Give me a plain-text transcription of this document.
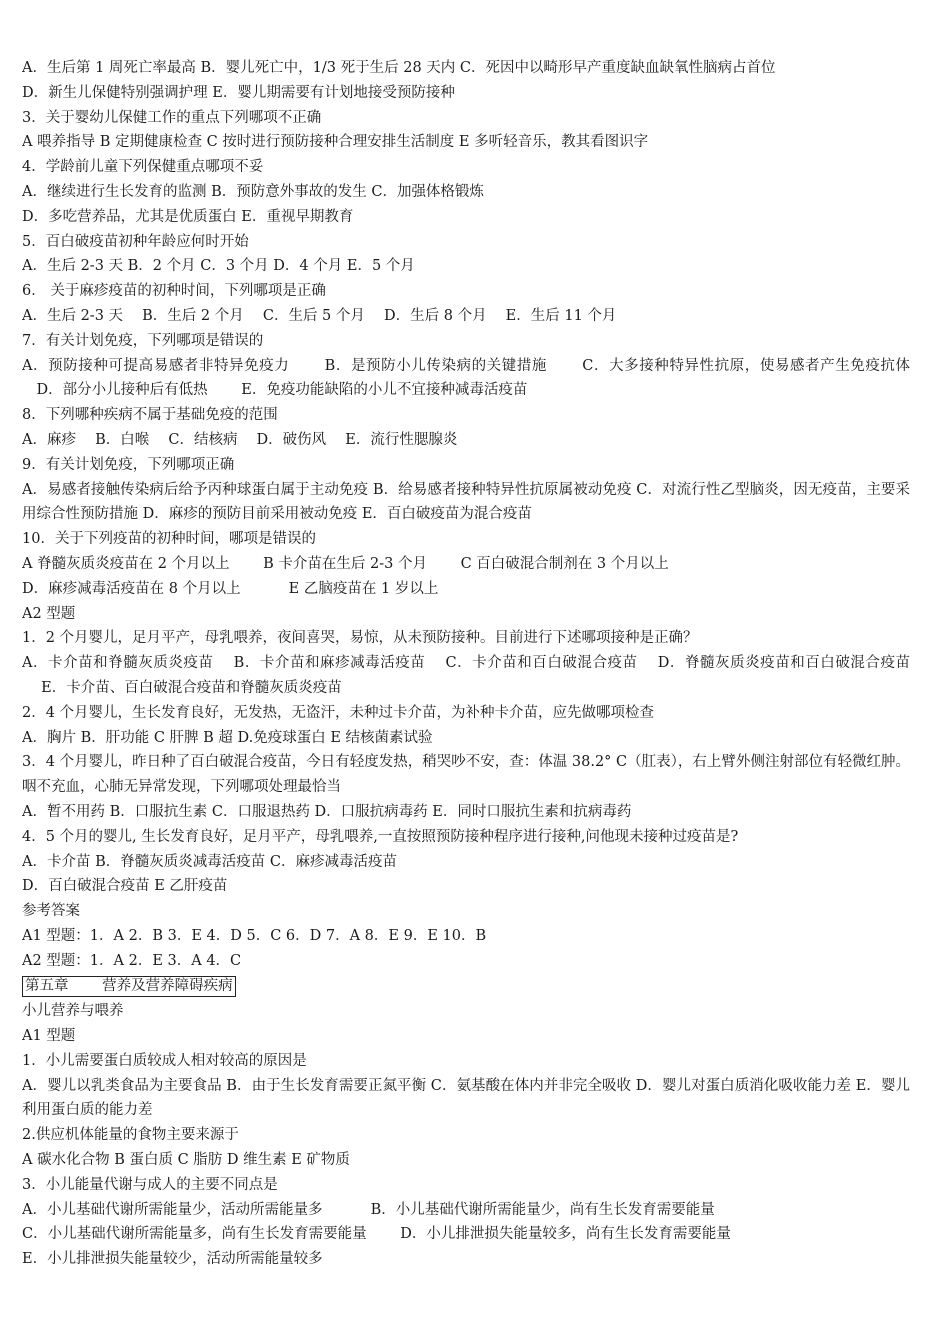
A．生后第 1 周死亡率最高 B．婴儿死亡中，1/3 死于生后 28 天内 C．死因中以畸形早产重度缺血缺氧性脑病占首位
D．新生儿保健特别强调护理 E．婴儿期需要有计划地接受预防接种
3．关于婴幼儿保健工作的重点下列哪项不正确
A 喂养指导 B 定期健康检查 C 按时进行预防接种合理安排生活制度 E 多听轻音乐，教其看图识字
4．学龄前儿童下列保健重点哪项不妥
A．继续进行生长发育的监测 B．预防意外事故的发生 C．加强体格锻炼
D．多吃营养品，尤其是优质蛋白 E．重视早期教育
5．百白破疫苗初种年龄应何时开始
A．生后 2-3 天 B．2 个月 C．3 个月 D．4 个月 E．5 个月
6． 关于麻疹疫苗的初种时间，下列哪项是正确
A．生后 2-3 天 　B．生后 2 个月 　C．生后 5 个月 　D．生后 8 个月 　E．生后 11 个月
7．有关计划免疫，下列哪项是错误的
A．预防接种可提高易感者非特异免疫力 　　B．是预防小儿传染病的关键措施 　　C．大多接种特异性抗原，使易感者产生免疫抗体 　D．部分小儿接种后有低热 　　E．免疫功能缺陷的小儿不宜接种减毒活疫苗
8．下列哪种疾病不属于基础免疫的范围
A．麻疹 　B．白喉 　C．结核病 　D．破伤风 　E．流行性腮腺炎
9．有关计划免疫，下列哪项正确
A．易感者接触传染病后给予丙种球蛋白属于主动免疫 B．给易感者接种特异性抗原属被动免疫 C．对流行性乙型脑炎，因无疫苗，主要采用综合性预防措施 D．麻疹的预防目前采用被动免疫 E．百白破疫苗为混合疫苗
10．关于下列疫苗的初种时间，哪项是错误的
A 脊髓灰质炎疫苗在 2 个月以上 　　B 卡介苗在生后 2-3 个月 　　C 百白破混合制剂在 3 个月以上
D．麻疹减毒活疫苗在 8 个月以上 　　　E 乙脑疫苗在 1 岁以上
A2 型题
1．2 个月婴儿，足月平产，母乳喂养，夜间喜哭，易惊，从未预防接种。目前进行下述哪项接种是正确？
A．卡介苗和脊髓灰质炎疫苗 　B．卡介苗和麻疹减毒活疫苗 　C．卡介苗和百白破混合疫苗 　D．脊髓灰质炎疫苗和百白破混合疫苗 　 E．卡介苗、百白破混合疫苗和脊髓灰质炎疫苗
2．4 个月婴儿，生长发育良好，无发热，无盗汗，未种过卡介苗，为补种卡介苗，应先做哪项检查
A．胸片 B．肝功能 C 肝脾 B 超 D.免疫球蛋白 E 结核菌素试验
3．4 个月婴儿，昨日种了百白破混合疫苗，今日有轻度发热，稍哭吵不安，查：体温 38.2° C（肛表），右上臂外侧注射部位有轻微红肿。咽不充血，心肺无异常发现，下列哪项处理最恰当
A．暂不用药 B．口服抗生素 C．口服退热药 D．口服抗病毒药 E．同时口服抗生素和抗病毒药
4．5 个月的婴儿, 生长发育良好，足月平产，母乳喂养,一直按照预防接种程序进行接种,问他现未接种过疫苗是?
A．卡介苗 B．脊髓灰质炎减毒活疫苗 C．麻疹减毒活疫苗
D．百白破混合疫苗 E 乙肝疫苗
参考答案
A1 型题：1．A 2．B 3．E 4．D 5．C 6．D 7．A 8．E 9．E 10．B
A2 型题：1．A 2．E 3．A 4．C
第五章 　　营养及营养障碍疾病
小儿营养与喂养
A1 型题
1．小儿需要蛋白质较成人相对较高的原因是
A．婴儿以乳类食品为主要食品 B．由于生长发育需要正氮平衡 C．氨基酸在体内并非完全吸收 D．婴儿对蛋白质消化吸收能力差 E．婴儿利用蛋白质的能力差
2.供应机体能量的食物主要来源于
A 碳水化合物 B 蛋白质 C 脂肪 D 维生素 E 矿物质
3．小儿能量代谢与成人的主要不同点是
A．小儿基础代谢所需能量少，活动所需能量多 　　　B．小儿基础代谢所需能量少，尚有生长发育需要能量
C．小儿基础代谢所需能量多，尚有生长发育需要能量 　　D．小儿排泄损失能量较多，尚有生长发育需要能量
E．小儿排泄损失能量较少，活动所需能量较多
